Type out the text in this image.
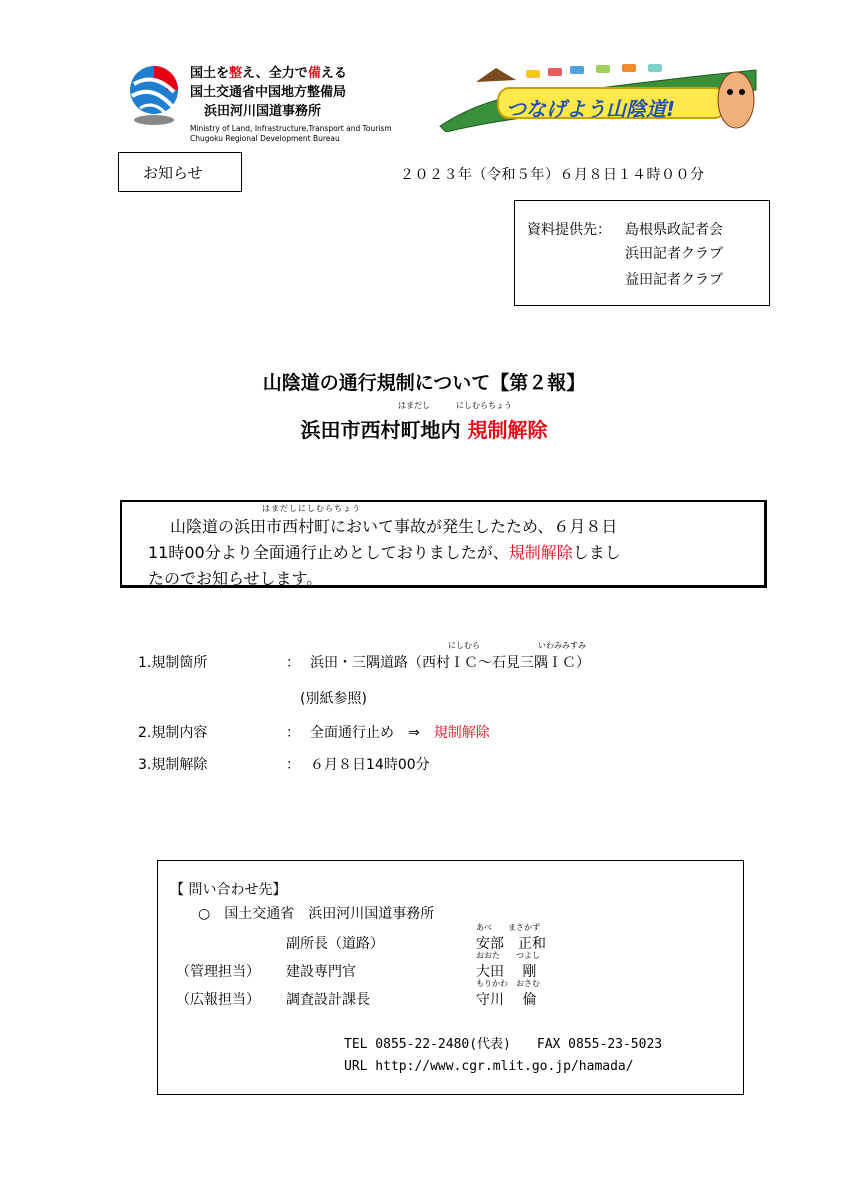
国土を整え、全力で備える
国土交通省中国地方整備局
浜田河川国道事務所
Ministry of Land, Infrastructure,Transport and Tourism
Chugoku Regional Development Bureau
つなげよう山陰道!
お知らせ	２０２３年（令和５年）６月８日１４時００分
資料提供先： 島根県政記者会
浜田記者クラブ
益田記者クラブ
山陰道の通行規制について【第２報】
はまだし	にしむらちょう
浜田市西村町地内 規制解除
はまだしにしむらちょう
山陰道の浜田市西村町において事故が発生したため、６月８日
11時00分より全面通行止めとしておりましたが、規制解除しまし
たのでお知らせします。
1.規制箇所	：
にしむら	いわみみすみ
浜田・三隅道路（西村ＩＣ～石見三隅ＩＣ）
(別紙参照)
2.規制内容	： 全面通行止め　⇒　規制解除
3.規制解除	： ６月８日14時00分
【 問い合わせ先】
○　国土交通省　浜田河川国道事務所
あべ　　まさかず
副所長（道路）	安部　正和
おおた　　つよし
（管理担当） 建設専門官	大田　 剛
もりかわ　おさむ
（広報担当） 調査設計課長	守川　 倫
TEL 0855-22-2480(代表)　　FAX 0855-23-5023
URL http://www.cgr.mlit.go.jp/hamada/
